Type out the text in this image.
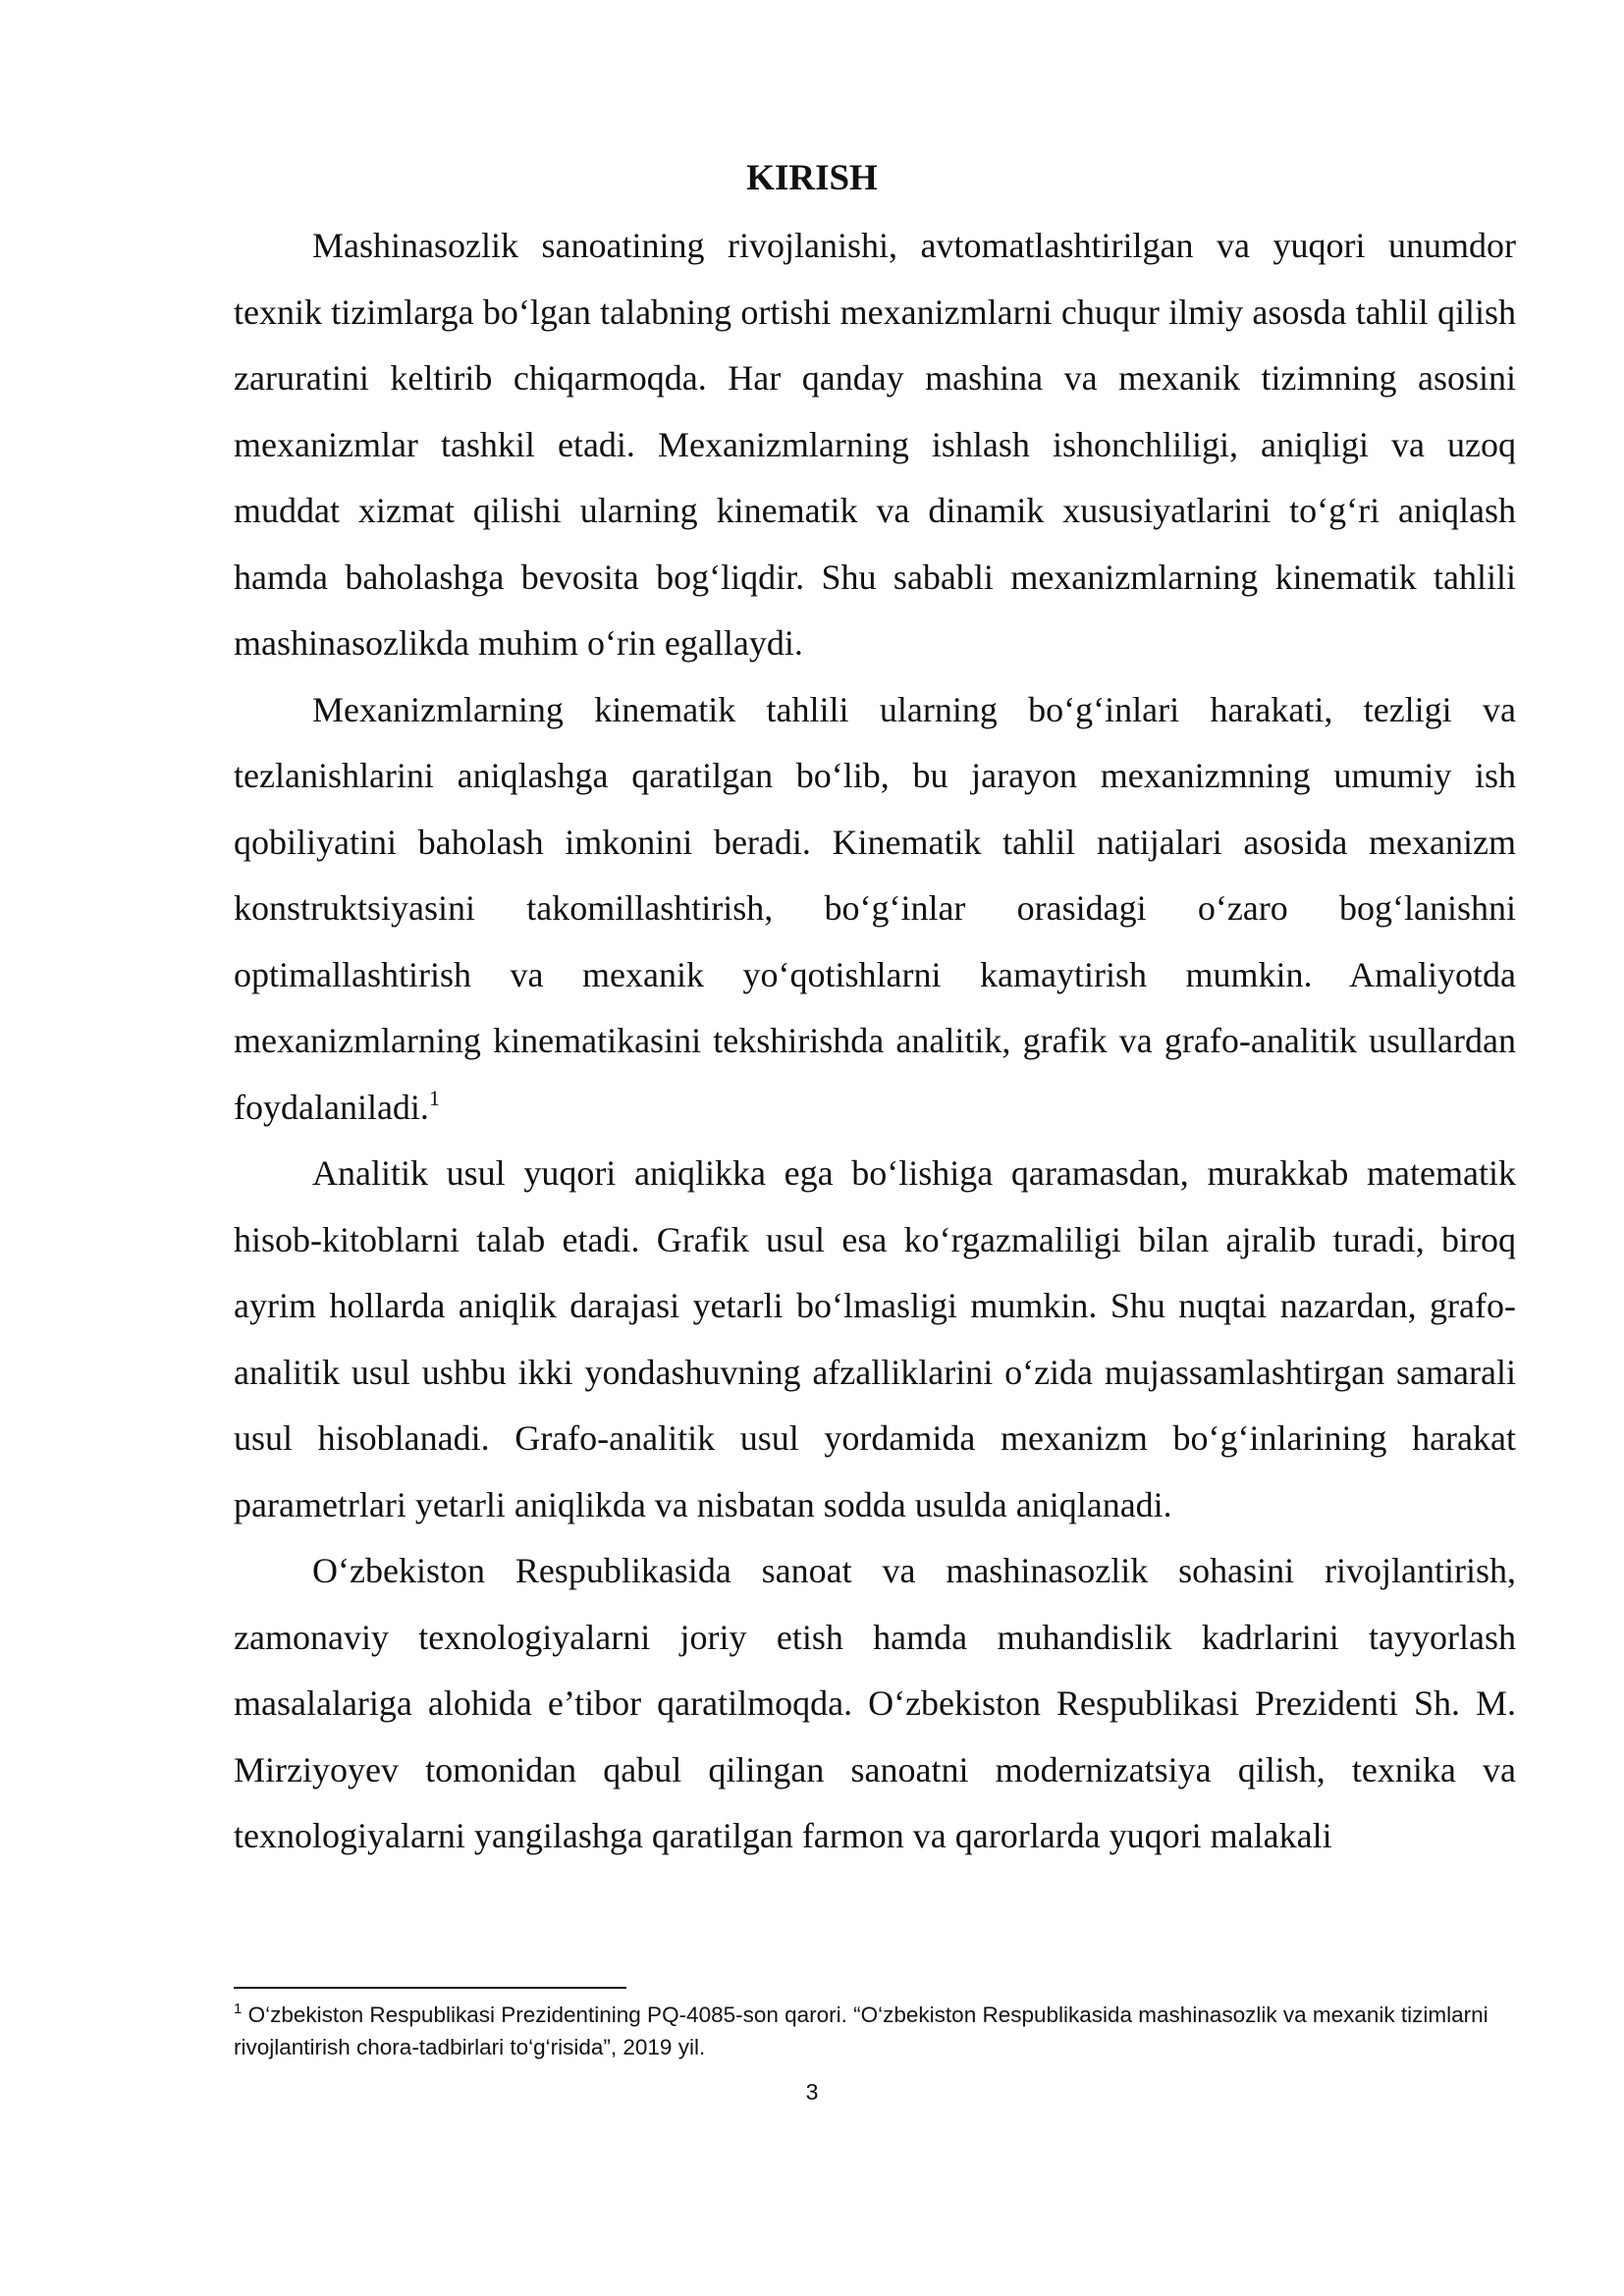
KIRISH

Mashinasozlik sanoatining rivojlanishi, avtomatlashtirilgan va yuqori unumdor texnik tizimlarga bo‘lgan talabning ortishi mexanizmlarni chuqur ilmiy asosda tahlil qilish zaruratini keltirib chiqarmoqda. Har qanday mashina va mexanik tizimning asosini mexanizmlar tashkil etadi. Mexanizmlarning ishlash ishonchliligi, aniqligi va uzoq muddat xizmat qilishi ularning kinematik va dinamik xususiyatlarini to‘g‘ri aniqlash hamda baholashga bevosita bog‘liqdir. Shu sababli mexanizmlarning kinematik tahlili mashinasozlikda muhim o‘rin egallaydi.

Mexanizmlarning kinematik tahlili ularning bo‘g‘inlari harakati, tezligi va tezlanishlarini aniqlashga qaratilgan bo‘lib, bu jarayon mexanizmning umumiy ish qobiliyatini baholash imkonini beradi. Kinematik tahlil natijalari asosida mexanizm konstruktsiyasini takomillashtirish, bo‘g‘inlar orasidagi o‘zaro bog‘lanishni optimallashtirish va mexanik yo‘qotishlarni kamaytirish mumkin. Amaliyotda mexanizmlarning kinematikasini tekshirishda analitik, grafik va grafo-analitik usullardan foydalaniladi.$^1$

Analitik usul yuqori aniqlikka ega bo‘lishiga qaramasdan, murakkab matematik hisob-kitoblarni talab etadi. Grafik usul esa ko‘rgazmaliligi bilan ajralib turadi, biroq ayrim hollarda aniqlik darajasi yetarli bo‘lmasligi mumkin. Shu nuqtai nazardan, grafo-analitik usul ushbu ikki yondashuvning afzalliklarini o‘zida mujassamlashtirgan samarali usul hisoblanadi. Grafo-analitik usul yordamida mexanizm bo‘g‘inlarining harakat parametrlari yetarli aniqlikda va nisbatan sodda usulda aniqlanadi.

O‘zbekiston Respublikasida sanoat va mashinasozlik sohasini rivojlantirish, zamonaviy texnologiyalarni joriy etish hamda muhandislik kadrlarini tayyorlash masalalariga alohida e’tibor qaratilmoqda. O‘zbekiston Respublikasi Prezidenti Sh. M. Mirziyoyev tomonidan qabul qilingan sanoatni modernizatsiya qilish, texnika va texnologiyalarni yangilashga qaratilgan farmon va qarorlarda yuqori malakali

$^1$ O‘zbekiston Respublikasi Prezidentining PQ-4085-son qarori. “O‘zbekiston Respublikasida mashinasozlik va mexanik tizimlarni rivojlantirish chora-tadbirlari to‘g‘risida”, 2019 yil.

3
